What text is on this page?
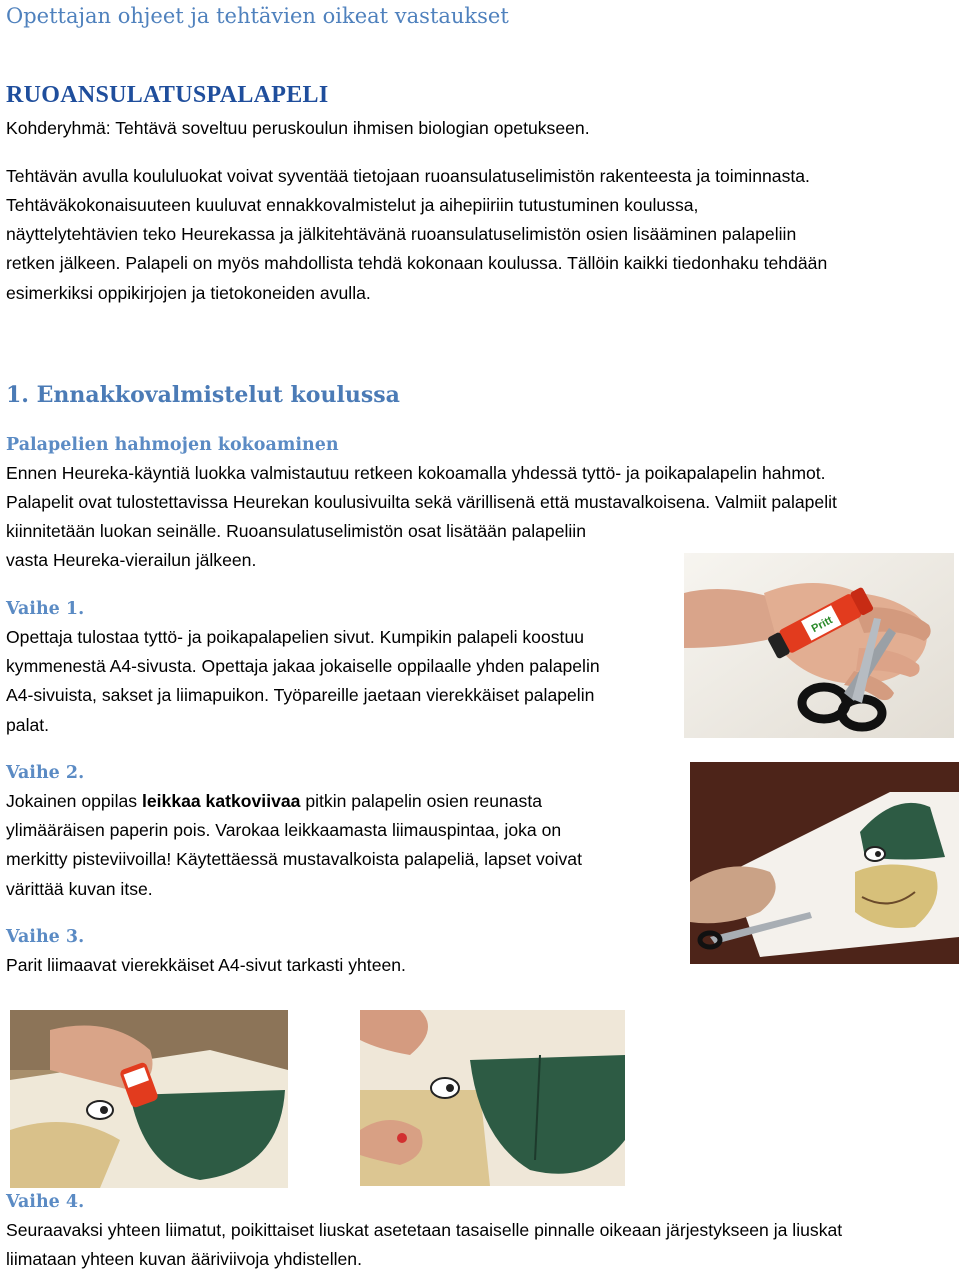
Opettajan ohjeet ja tehtävien oikeat vastaukset
RUOANSULATUSPALAPELI
Kohderyhmä: Tehtävä soveltuu peruskoulun ihmisen biologian opetukseen.
Tehtävän avulla koululuokat voivat syventää tietojaan ruoansulatuselimistön rakenteesta ja toiminnasta.
Tehtäväkokonaisuuteen kuuluvat ennakkovalmistelut ja aihepiiriin tutustuminen koulussa,
näyttelytehtävien teko Heurekassa ja jälkitehtävänä ruoansulatuselimistön osien lisääminen palapeliin
retken jälkeen. Palapeli on myös mahdollista tehdä kokonaan koulussa. Tällöin kaikki tiedonhaku tehdään
esimerkiksi oppikirjojen ja tietokoneiden avulla.
1. Ennakkovalmistelut koulussa
Palapelien hahmojen kokoaminen
Ennen Heureka-käyntiä luokka valmistautuu retkeen kokoamalla yhdessä tyttö- ja poikapalapelin hahmot.
Palapelit ovat tulostettavissa Heurekan koulusivuilta sekä värillisenä että mustavalkoisena. Valmiit palapelit
kiinnitetään luokan seinälle. Ruoansulatuselimistön osat lisätään palapeliin
vasta Heureka-vierailun jälkeen.
Vaihe 1.
Opettaja tulostaa tyttö- ja poikapalapelien sivut. Kumpikin palapeli koostuu
kymmenestä A4-sivusta. Opettaja jakaa jokaiselle oppilaalle yhden palapelin
A4-sivuista, sakset ja liimapuikon. Työpareille jaetaan vierekkäiset palapelin
palat.
Vaihe 2.
Jokainen oppilas leikkaa katkoviivaa pitkin palapelin osien reunasta
ylimääräisen paperin pois. Varokaa leikkaamasta liimauspintaa, joka on
merkitty pisteviivoilla! Käytettäessä mustavalkoista palapeliä, lapset voivat
värittää kuvan itse.
Vaihe 3.
Parit liimaavat vierekkäiset A4-sivut tarkasti yhteen.
Vaihe 4.
Seuraavaksi yhteen liimatut, poikittaiset liuskat asetetaan tasaiselle pinnalle oikeaan järjestykseen ja liuskat
liimataan yhteen kuvan ääriviivoja yhdistellen.
Pritt
